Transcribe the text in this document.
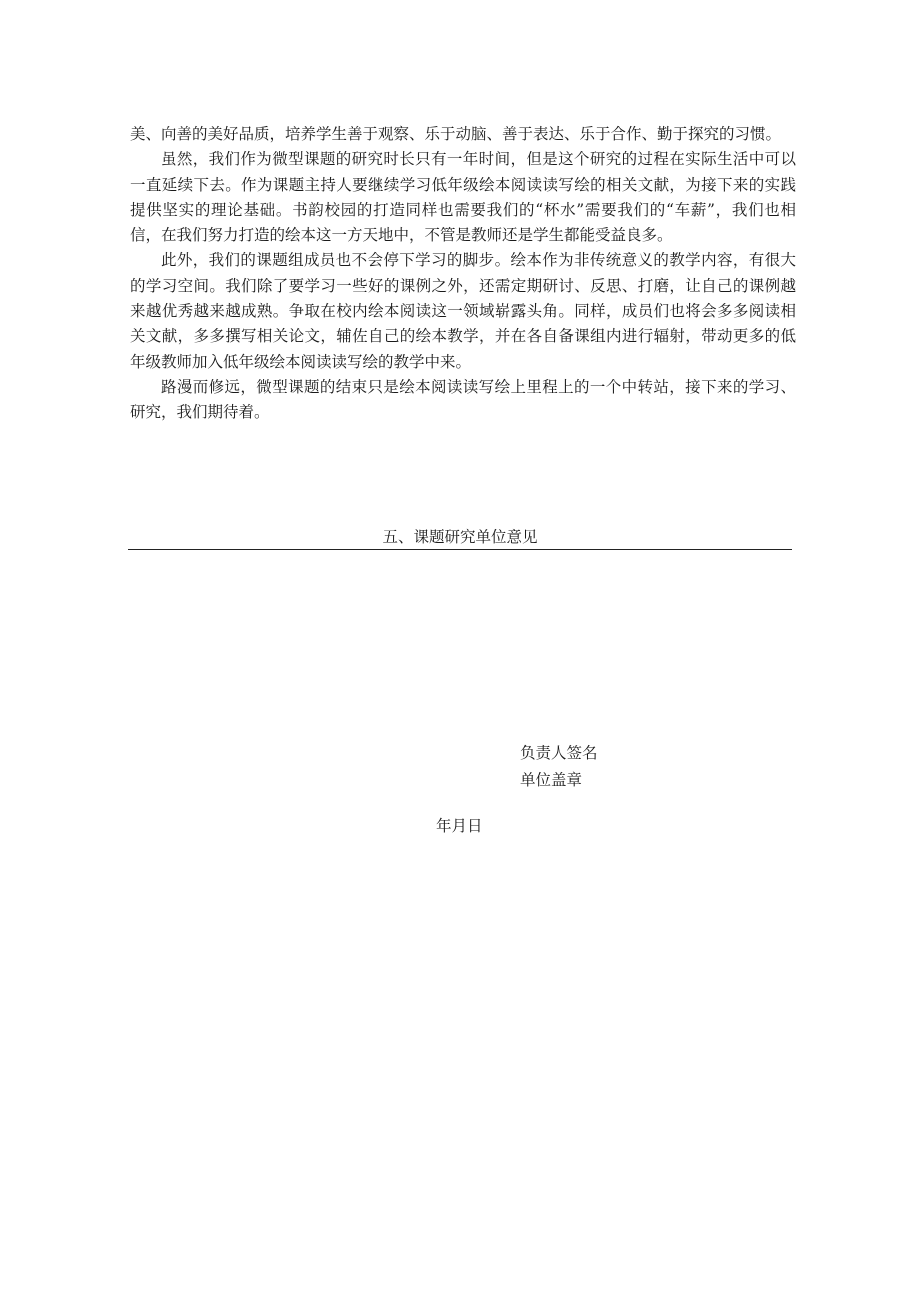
美、向善的美好品质，培养学生善于观察、乐于动脑、善于表达、乐于合作、勤于探究的习惯。

虽然，我们作为微型课题的研究时长只有一年时间，但是这个研究的过程在实际生活中可以一直延续下去。作为课题主持人要继续学习低年级绘本阅读读写绘的相关文献，为接下来的实践提供坚实的理论基础。书韵校园的打造同样也需要我们的“杯水”需要我们的“车薪”，我们也相信，在我们努力打造的绘本这一方天地中，不管是教师还是学生都能受益良多。

此外，我们的课题组成员也不会停下学习的脚步。绘本作为非传统意义的教学内容，有很大的学习空间。我们除了要学习一些好的课例之外，还需定期研讨、反思、打磨，让自己的课例越来越优秀越来越成熟。争取在校内绘本阅读这一领域崭露头角。同样，成员们也将会多多阅读相关文献，多多撰写相关论文，辅佐自己的绘本教学，并在各自备课组内进行辐射，带动更多的低年级教师加入低年级绘本阅读读写绘的教学中来。

路漫而修远，微型课题的结束只是绘本阅读读写绘上里程上的一个中转站，接下来的学习、研究，我们期待着。

五、课题研究单位意见
负责人签名
单位盖章
年月日
